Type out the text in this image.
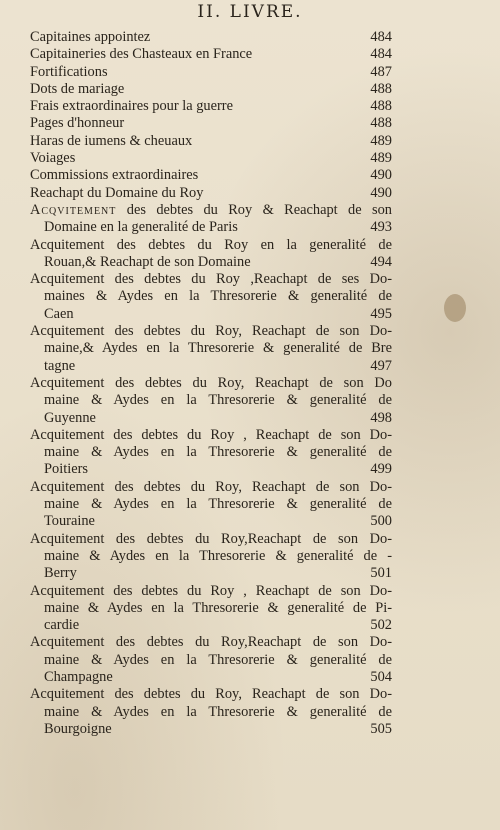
II. LIVRE.
Capitaines appointez	484
Capitaineries des Chasteaux en France	484
Fortifications	487
Dots de mariage	488
Frais extraordinaires pour la guerre	488
Pages d'honneur	488
Haras de iumens & cheuaux	489
Voiages	489
Commissions extraordinaires	490
Reachapt du Domaine du Roy	490
Acqvitement des debtes du Roy & Reachapt de son
Domaine en la generalité de Paris	493
Acquitement des debtes du Roy en la generalité de
Rouan,& Reachapt de son Domaine	494
Acquitement des debtes du Roy ,Reachapt de ses Do-
maines & Aydes en la Thresorerie & generalité de
Caen	495
Acquitement des debtes du Roy, Reachapt de son Do-
maine,& Aydes en la Thresorerie & generalité de Bre
tagne	497
Acquitement des debtes du Roy, Reachapt de son Do
maine & Aydes en la Thresorerie & generalité de
Guyenne	498
Acquitement des debtes du Roy , Reachapt de son Do-
maine & Aydes en la Thresorerie & generalité de
Poitiers	499
Acquitement des debtes du Roy, Reachapt de son Do-
maine & Aydes en la Thresorerie & generalité de
Touraine	500
Acquitement des debtes du Roy,Reachapt de son Do-
maine & Aydes en la Thresorerie & generalité de -
Berry	501
Acquitement des debtes du Roy , Reachapt de son Do-
maine & Aydes en la Thresorerie & generalité de Pi-
cardie	502
Acquitement des debtes du Roy,Reachapt de son Do-
maine & Aydes en la Thresorerie & generalité de
Champagne	504
Acquitement des debtes du Roy, Reachapt de son Do-
maine & Aydes en la Thresorerie & generalité de
Bourgoigne	505
